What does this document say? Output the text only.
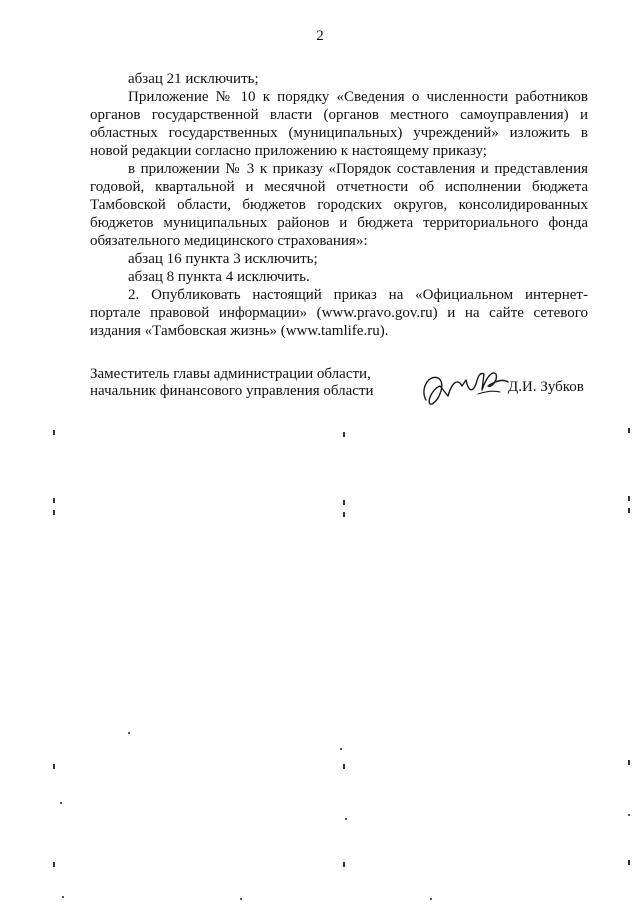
2
абзац 21 исключить;
Приложение № 10 к порядку «Сведения о численности работников
органов государственной власти (органов местного самоуправления) и
областных государственных (муниципальных) учреждений» изложить в
новой редакции согласно приложению к настоящему приказу;
в приложении № 3 к приказу «Порядок составления и представления
годовой, квартальной и месячной отчетности об исполнении бюджета
Тамбовской области, бюджетов городских округов, консолидированных
бюджетов муниципальных районов и бюджета территориального фонда
обязательного медицинского страхования»:
абзац 16 пункта 3 исключить;
абзац 8 пункта 4 исключить.
2. Опубликовать настоящий приказ на «Официальном интернет-
портале правовой информации» (www.pravo.gov.ru) и на сайте сетевого
издания «Тамбовская жизнь» (www.tamlife.ru).
Заместитель главы администрации области,
начальник финансового управления области	Д.И. Зубков
